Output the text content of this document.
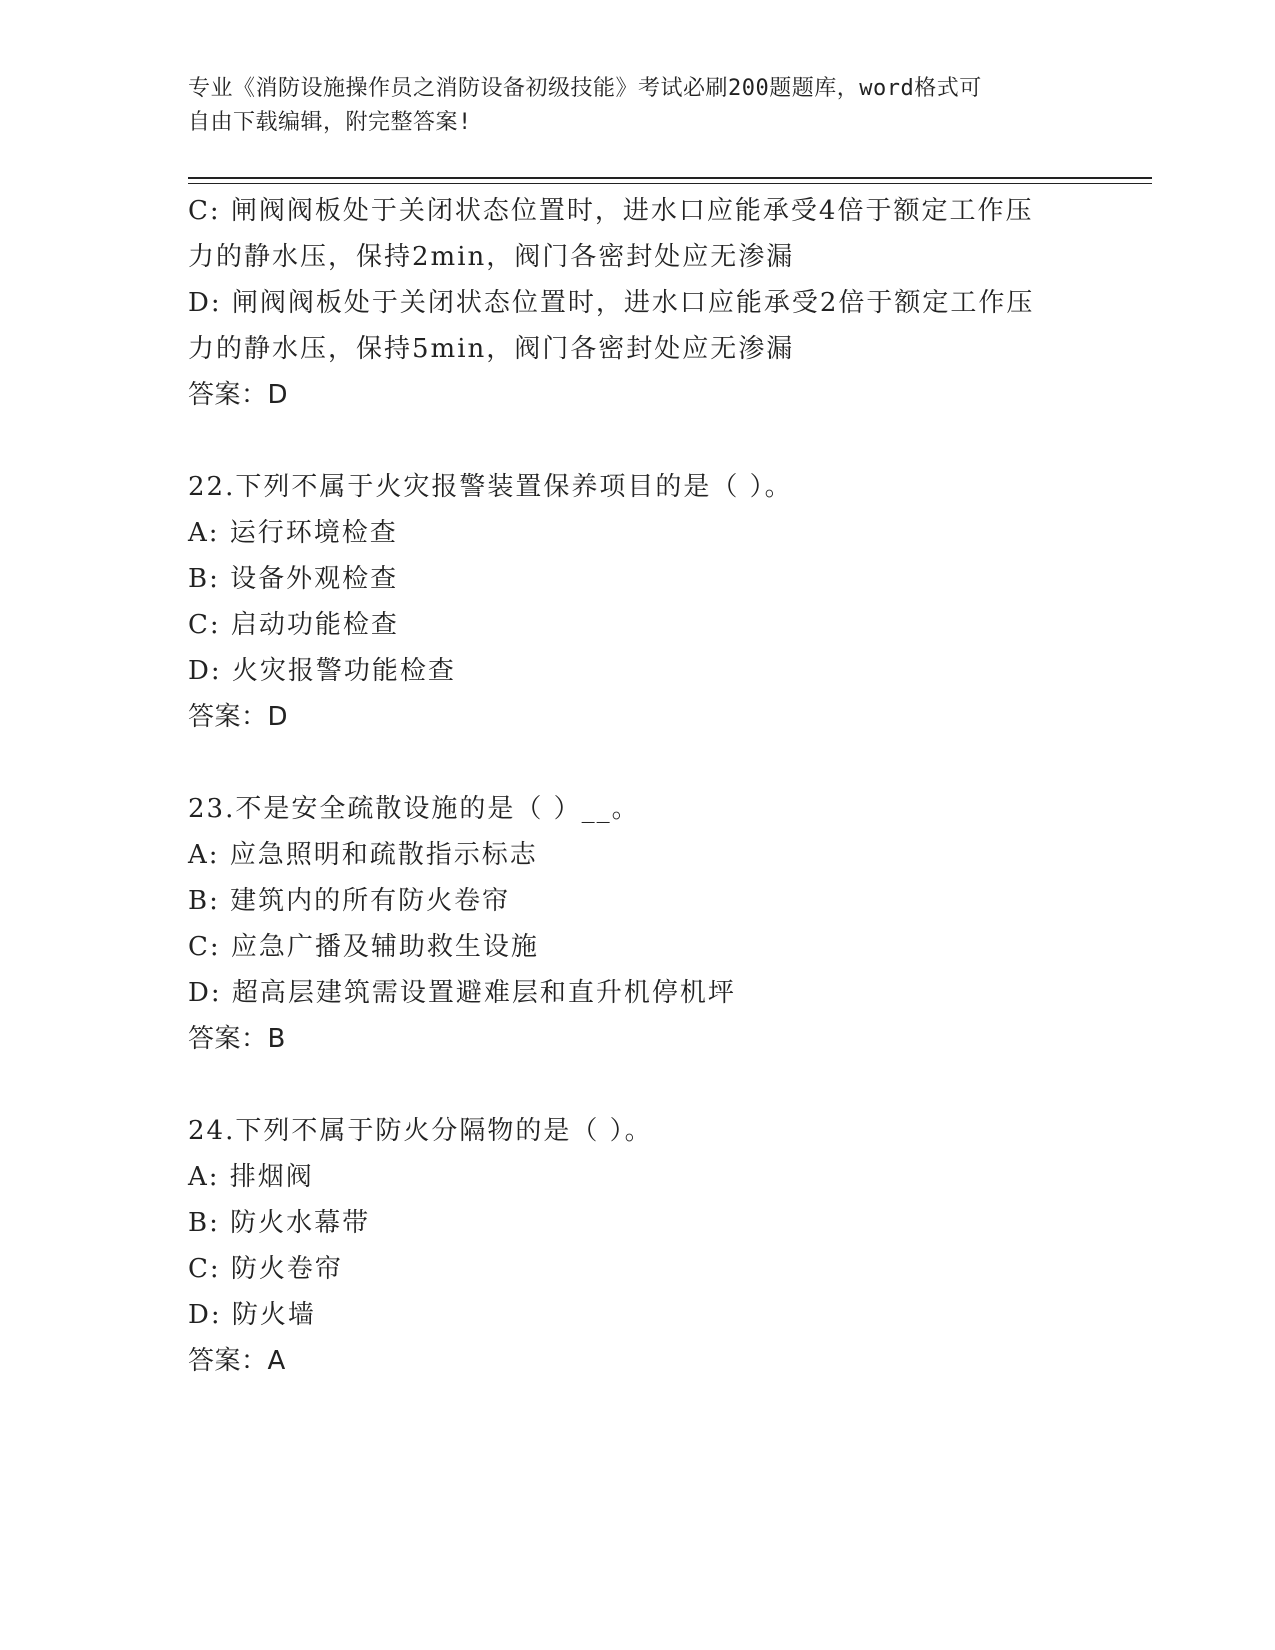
专业《消防设施操作员之消防设备初级技能》考试必刷200题题库，word格式可
自由下载编辑，附完整答案!
C: 闸阀阀板处于关闭状态位置时，进水口应能承受4倍于额定工作压
力的静水压，保持2min，阀门各密封处应无渗漏
D: 闸阀阀板处于关闭状态位置时，进水口应能承受2倍于额定工作压
力的静水压，保持5min，阀门各密封处应无渗漏
答案：D
22.下列不属于火灾报警装置保养项目的是（ ）。
A: 运行环境检查
B: 设备外观检查
C: 启动功能检查
D: 火灾报警功能检查
答案：D
23.不是安全疏散设施的是（ ）__。
A: 应急照明和疏散指示标志
B: 建筑内的所有防火卷帘
C: 应急广播及辅助救生设施
D: 超高层建筑需设置避难层和直升机停机坪
答案：B
24.下列不属于防火分隔物的是（ ）。
A: 排烟阀
B: 防火水幕带
C: 防火卷帘
D: 防火墙
答案：A
